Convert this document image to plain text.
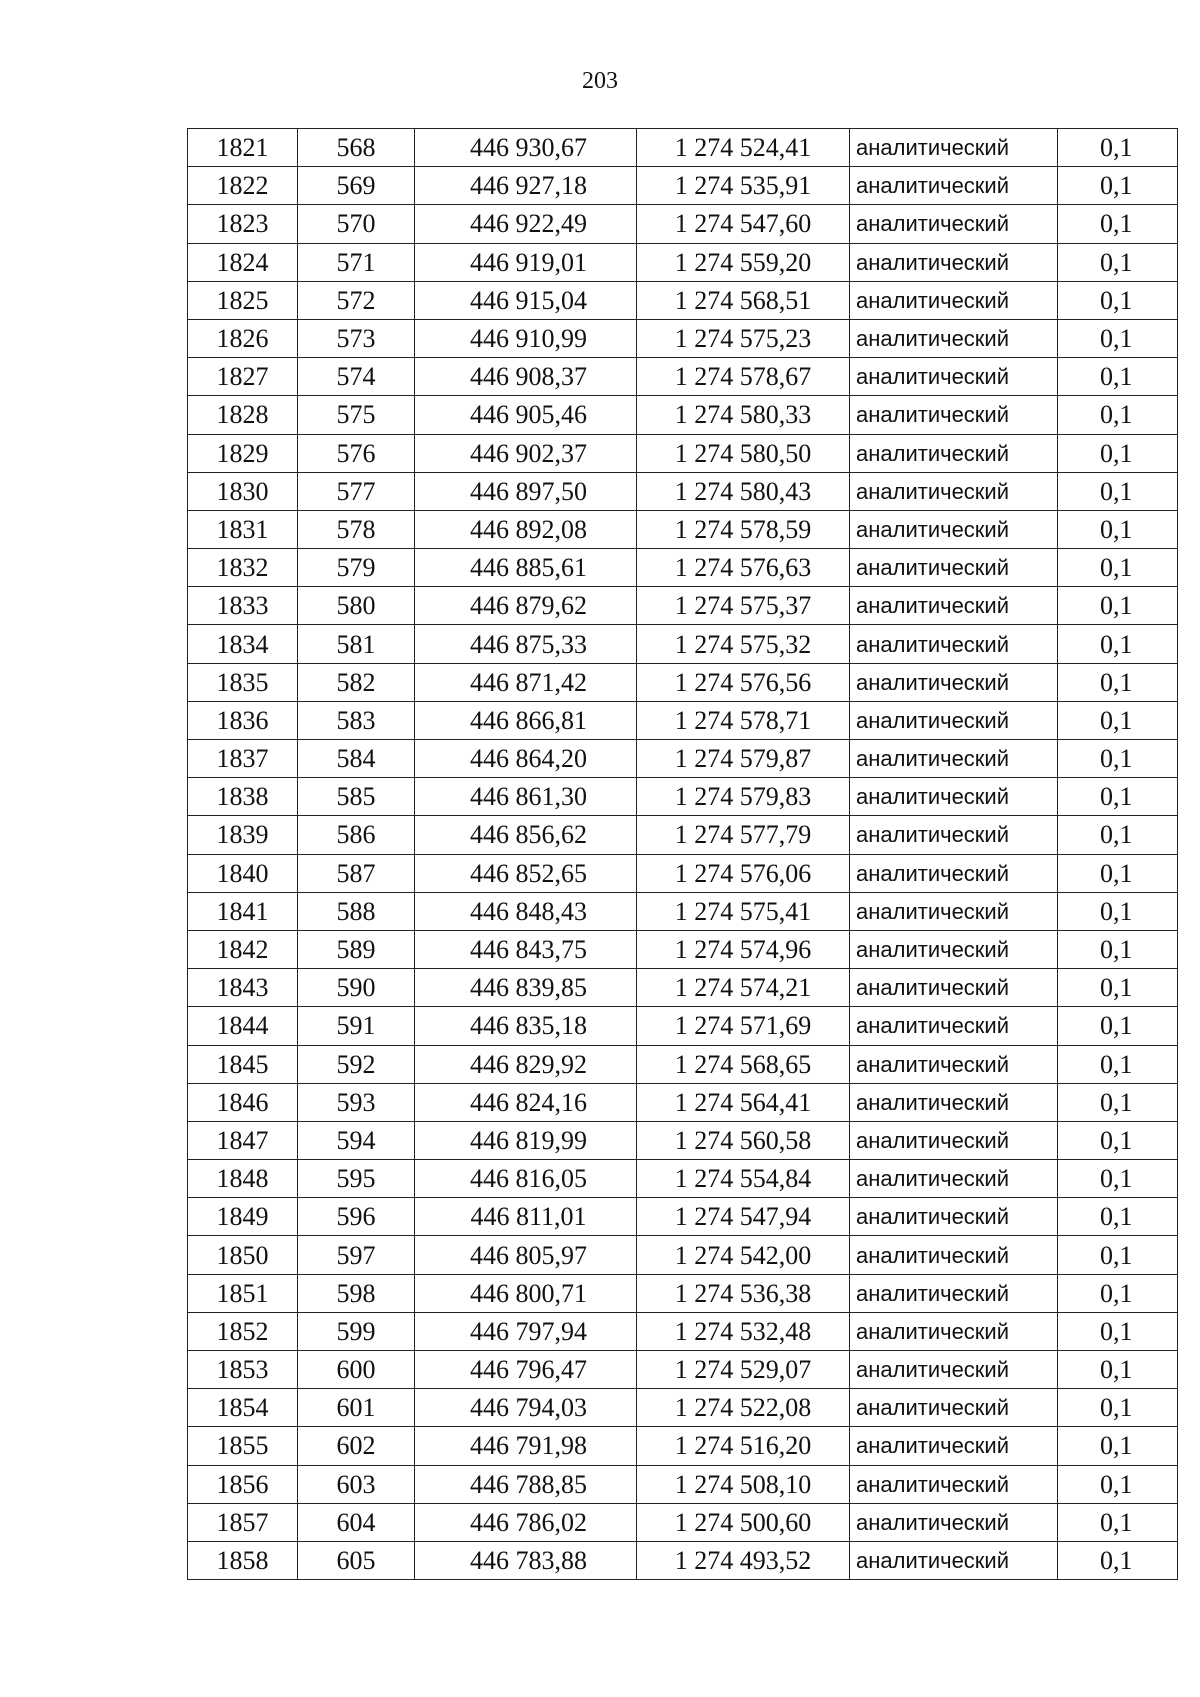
203
1821	568	446 930,67	1 274 524,41	аналитический	0,1
1822	569	446 927,18	1 274 535,91	аналитический	0,1
1823	570	446 922,49	1 274 547,60	аналитический	0,1
1824	571	446 919,01	1 274 559,20	аналитический	0,1
1825	572	446 915,04	1 274 568,51	аналитический	0,1
1826	573	446 910,99	1 274 575,23	аналитический	0,1
1827	574	446 908,37	1 274 578,67	аналитический	0,1
1828	575	446 905,46	1 274 580,33	аналитический	0,1
1829	576	446 902,37	1 274 580,50	аналитический	0,1
1830	577	446 897,50	1 274 580,43	аналитический	0,1
1831	578	446 892,08	1 274 578,59	аналитический	0,1
1832	579	446 885,61	1 274 576,63	аналитический	0,1
1833	580	446 879,62	1 274 575,37	аналитический	0,1
1834	581	446 875,33	1 274 575,32	аналитический	0,1
1835	582	446 871,42	1 274 576,56	аналитический	0,1
1836	583	446 866,81	1 274 578,71	аналитический	0,1
1837	584	446 864,20	1 274 579,87	аналитический	0,1
1838	585	446 861,30	1 274 579,83	аналитический	0,1
1839	586	446 856,62	1 274 577,79	аналитический	0,1
1840	587	446 852,65	1 274 576,06	аналитический	0,1
1841	588	446 848,43	1 274 575,41	аналитический	0,1
1842	589	446 843,75	1 274 574,96	аналитический	0,1
1843	590	446 839,85	1 274 574,21	аналитический	0,1
1844	591	446 835,18	1 274 571,69	аналитический	0,1
1845	592	446 829,92	1 274 568,65	аналитический	0,1
1846	593	446 824,16	1 274 564,41	аналитический	0,1
1847	594	446 819,99	1 274 560,58	аналитический	0,1
1848	595	446 816,05	1 274 554,84	аналитический	0,1
1849	596	446 811,01	1 274 547,94	аналитический	0,1
1850	597	446 805,97	1 274 542,00	аналитический	0,1
1851	598	446 800,71	1 274 536,38	аналитический	0,1
1852	599	446 797,94	1 274 532,48	аналитический	0,1
1853	600	446 796,47	1 274 529,07	аналитический	0,1
1854	601	446 794,03	1 274 522,08	аналитический	0,1
1855	602	446 791,98	1 274 516,20	аналитический	0,1
1856	603	446 788,85	1 274 508,10	аналитический	0,1
1857	604	446 786,02	1 274 500,60	аналитический	0,1
1858	605	446 783,88	1 274 493,52	аналитический	0,1
